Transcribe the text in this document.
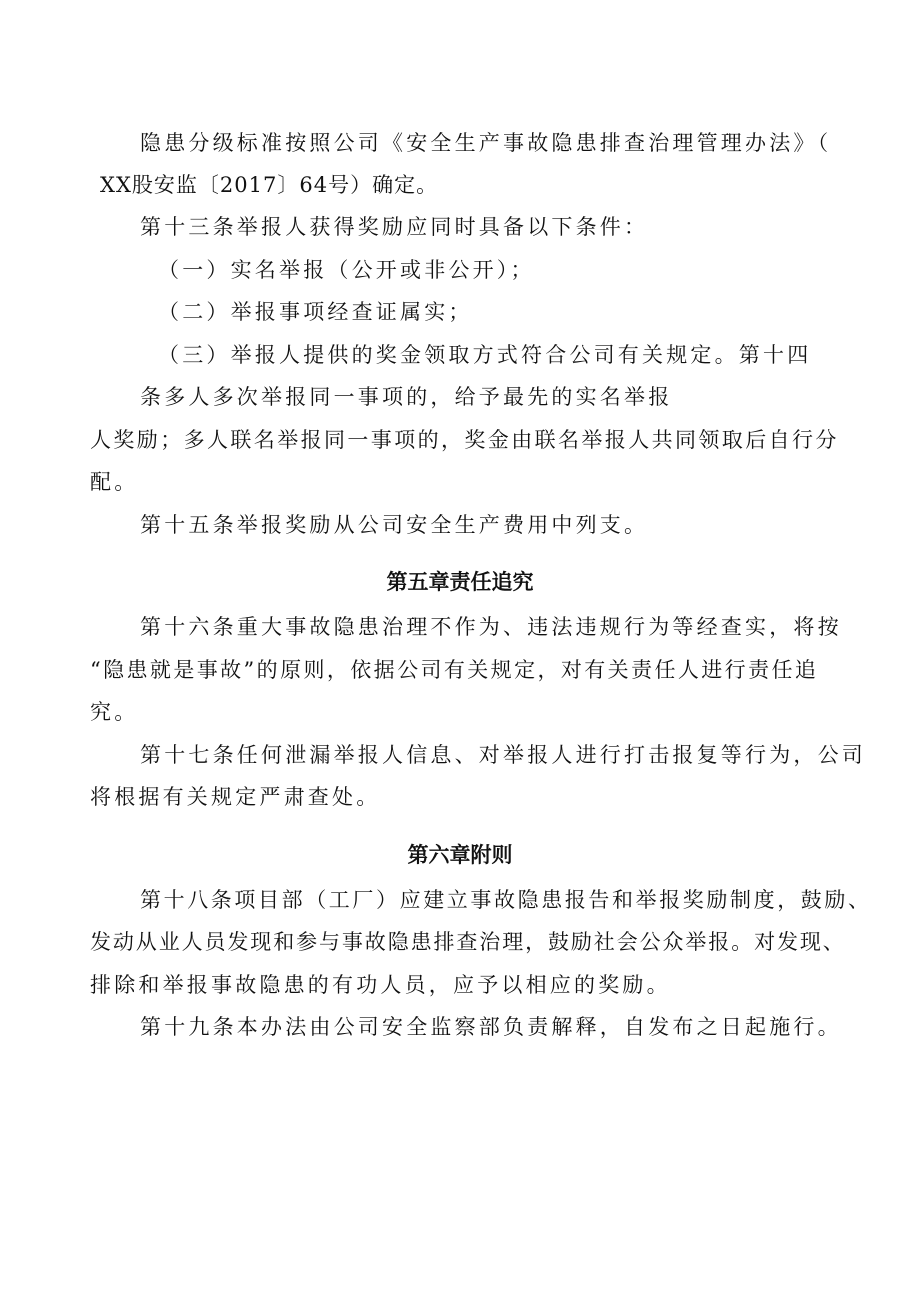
隐患分级标准按照公司《安全生产事故隐患排查治理管理办法》（
XX股安监〔2017〕64号）确定。
第十三条举报人获得奖励应同时具备以下条件：
（一）实名举报（公开或非公开）；
（二）举报事项经查证属实；
（三）举报人提供的奖金领取方式符合公司有关规定。第十四
条多人多次举报同一事项的，给予最先的实名举报
人奖励；多人联名举报同一事项的，奖金由联名举报人共同领取后自行分
配。
第十五条举报奖励从公司安全生产费用中列支。
第五章责任追究
第十六条重大事故隐患治理不作为、违法违规行为等经查实，将按
“隐患就是事故”的原则，依据公司有关规定，对有关责任人进行责任追
究。
第十七条任何泄漏举报人信息、对举报人进行打击报复等行为，公司
将根据有关规定严肃查处。
第六章附则
第十八条项目部（工厂）应建立事故隐患报告和举报奖励制度，鼓励、
发动从业人员发现和参与事故隐患排查治理，鼓励社会公众举报。对发现、
排除和举报事故隐患的有功人员，应予以相应的奖励。
第十九条本办法由公司安全监察部负责解释，自发布之日起施行。
